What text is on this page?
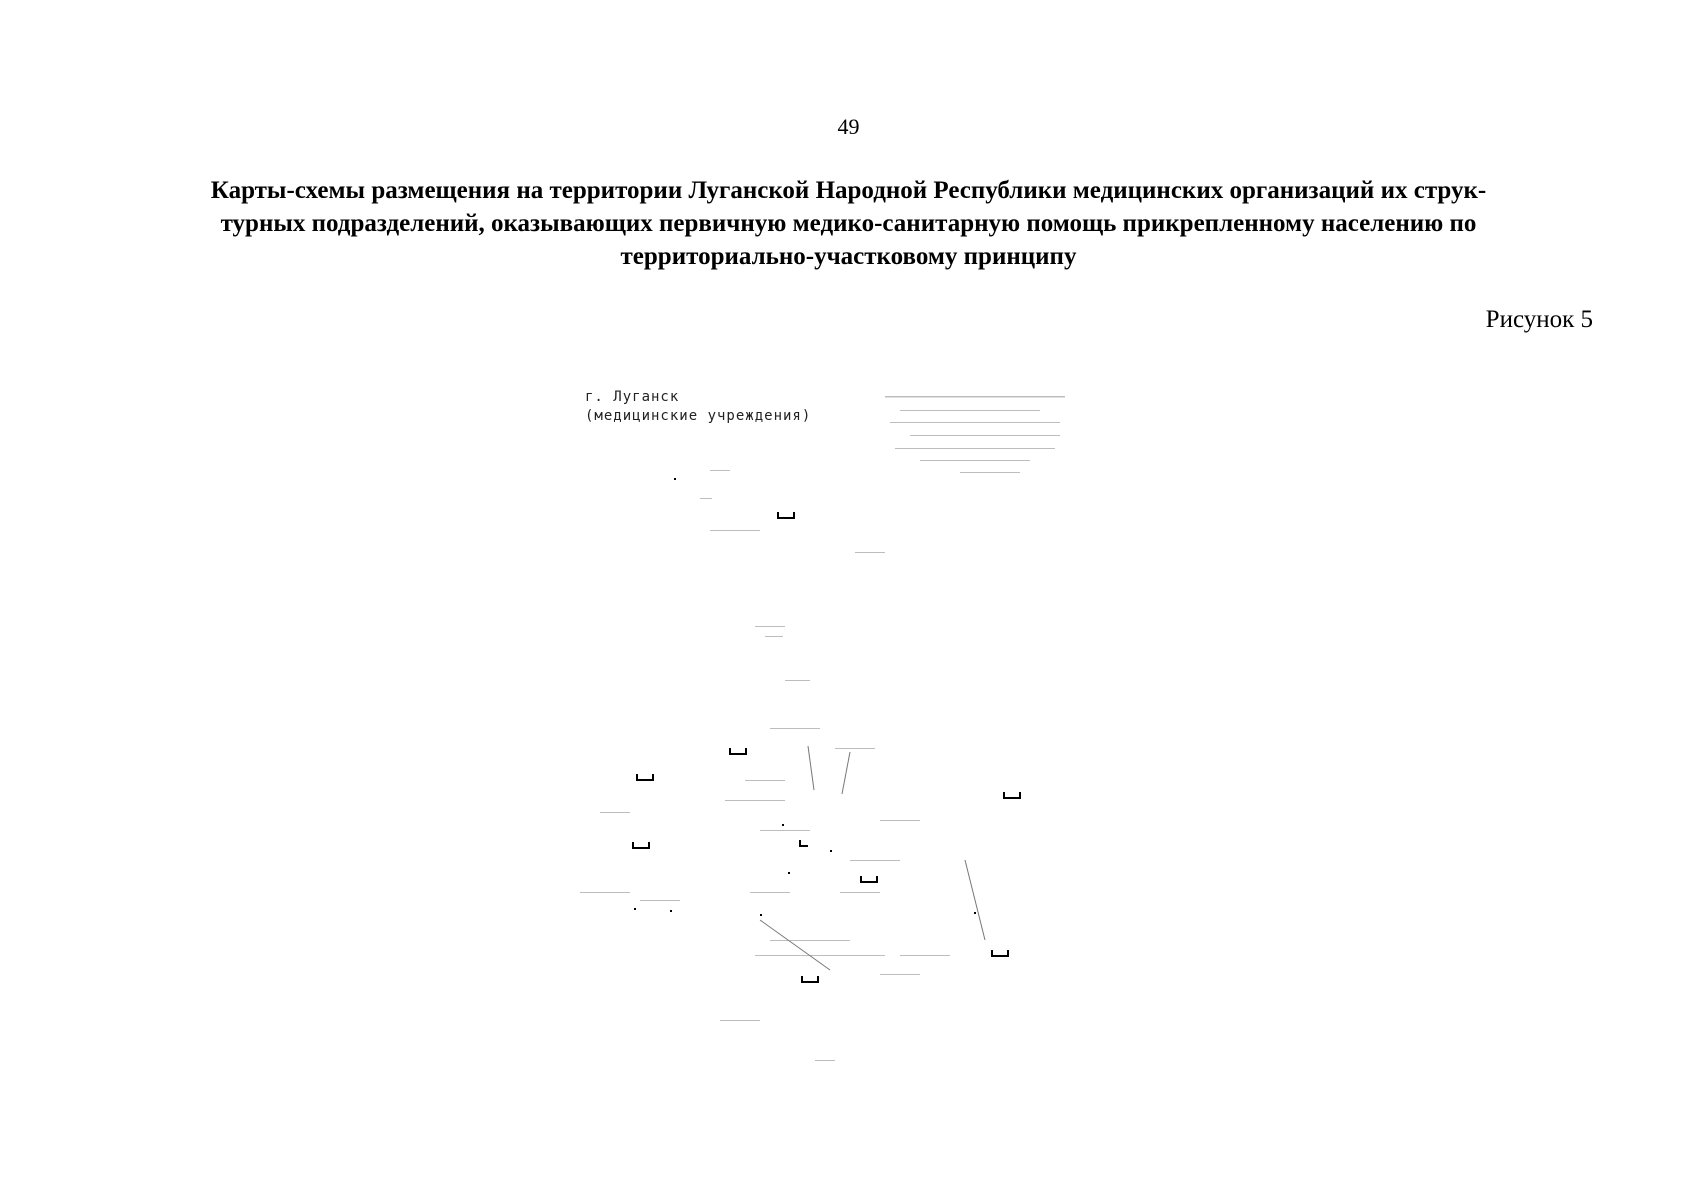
49
Карты-схемы размещения на территории Луганской Народной Республики медицинских организаций их струк-
турных подразделений, оказывающих первичную медико-санитарную помощь прикрепленному населению по
территориально-участковому принципу
Рисунок 5
г. Луганск
(медицинские учреждения)
